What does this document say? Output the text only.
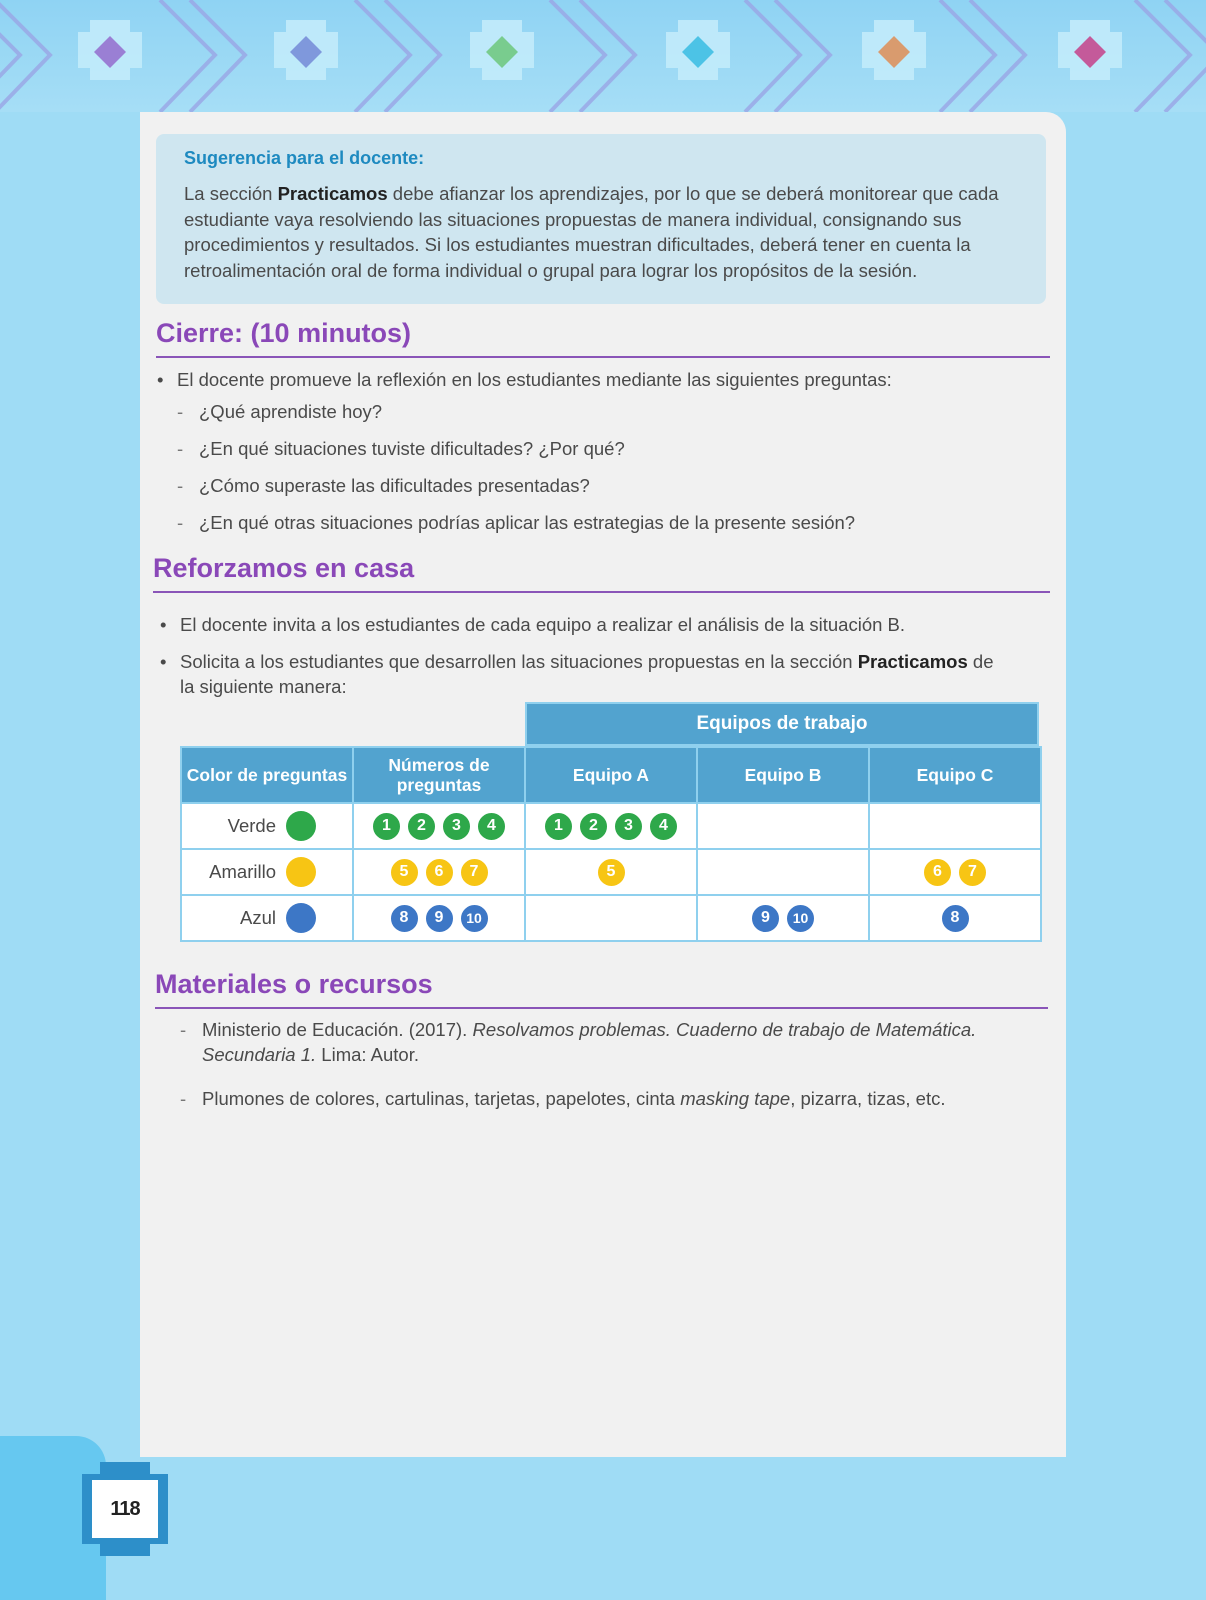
Sugerencia para el docente:
La sección Practicamos debe afianzar los aprendizajes, por lo que se deberá monitorear que cada estudiante vaya resolviendo las situaciones propuestas de manera individual, consignando sus procedimientos y resultados. Si los estudiantes muestran dificultades, deberá tener en cuenta la retroalimentación oral de forma individual o grupal para lograr los propósitos de la sesión.
Cierre: (10 minutos)
• El docente promueve la reflexión en los estudiantes mediante las siguientes preguntas:
- ¿Qué aprendiste hoy?
- ¿En qué situaciones tuviste dificultades? ¿Por qué?
- ¿Cómo superaste las dificultades presentadas?
- ¿En qué otras situaciones podrías aplicar las estrategias de la presente sesión?
Reforzamos en casa
• El docente invita a los estudiantes de cada equipo a realizar el análisis de la situación B.
• Solicita a los estudiantes que desarrollen las situaciones propuestas en la sección Practicamos de
la siguiente manera:
Equipos de trabajo
Color de preguntas	Números de preguntas	Equipo A	Equipo B	Equipo C
Verde	1 2 3 4	1 2 3 4		

Amarillo	5 6 7	5		6 7

Azul	8 9 10		9 10	8
Materiales o recursos
- Ministerio de Educación. (2017). Resolvamos problemas. Cuaderno de trabajo de Matemática.
Secundaria 1. Lima: Autor.
- Plumones de colores, cartulinas, tarjetas, papelotes, cinta masking tape, pizarra, tizas, etc.
118
